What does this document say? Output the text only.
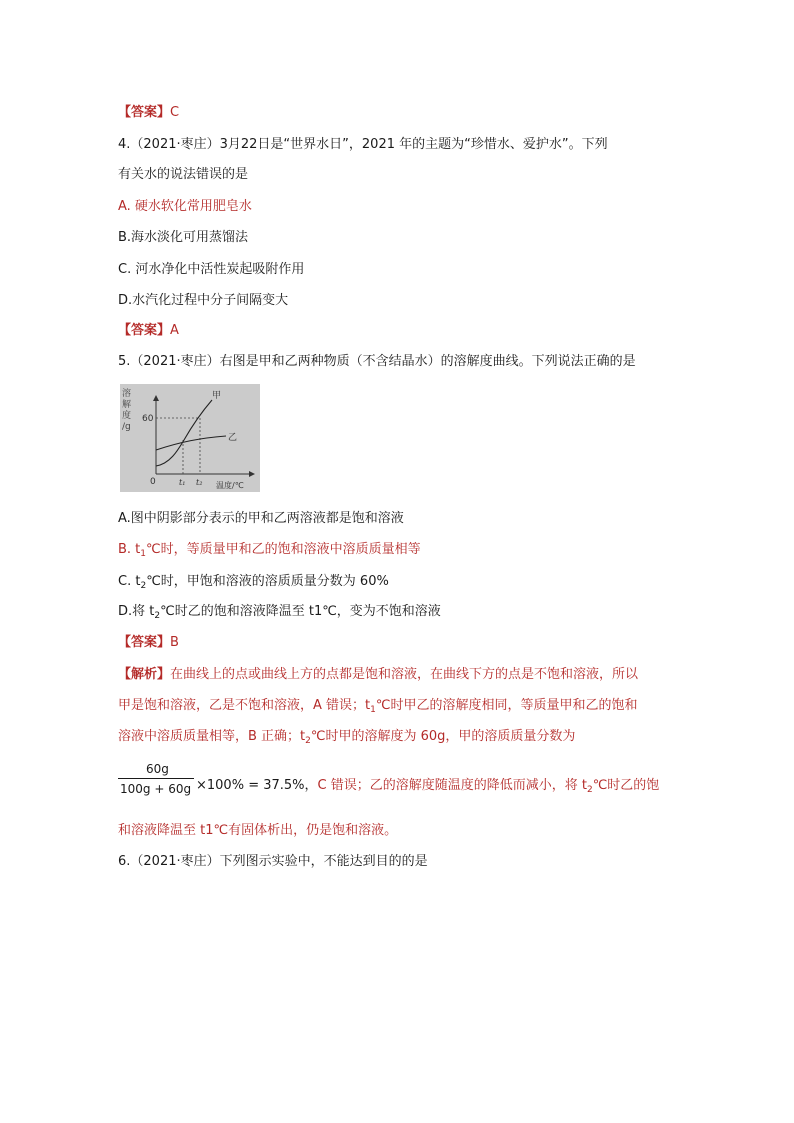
【答案】C
4.（2021·枣庄）3月22日是“世界水日”，2021 年的主题为“珍惜水、爱护水”。下列
有关水的说法错误的是
A. 硬水软化常用肥皂水
B.海水淡化可用蒸馏法
C. 河水净化中活性炭起吸附作用
D.水汽化过程中分子间隔变大
【答案】A
5.（2021·枣庄）右图是甲和乙两种物质（不含结晶水）的溶解度曲线。下列说法正确的是
溶
解
度
/g
60
0	t₁ t₂ 温度/℃
甲
乙
A.图中阴影部分表示的甲和乙两溶液都是饱和溶液
B. $t_1℃$时，等质量甲和乙的饱和溶液中溶质质量相等
C. $t_2℃$时，甲饱和溶液的溶质质量分数为 60%
D.将 $t_2℃$时乙的饱和溶液降温至 t1℃，变为不饱和溶液
【答案】B
【解析】在曲线上的点或曲线上方的点都是饱和溶液，在曲线下方的点是不饱和溶液，所以
甲是饱和溶液，乙是不饱和溶液，A 错误；$t_1℃$时甲乙的溶解度相同，等质量甲和乙的饱和
溶液中溶质质量相等，B 正确；$t_2℃$时甲的溶解度为 60g，甲的溶质质量分数为
60g
100g + 60g ×100% = 37.5%，C 错误；乙的溶解度随温度的降低而减小，将 $t_2℃$时乙的饱
和溶液降温至 t1℃有固体析出，仍是饱和溶液。
6.（2021·枣庄）下列图示实验中，不能达到目的的是
